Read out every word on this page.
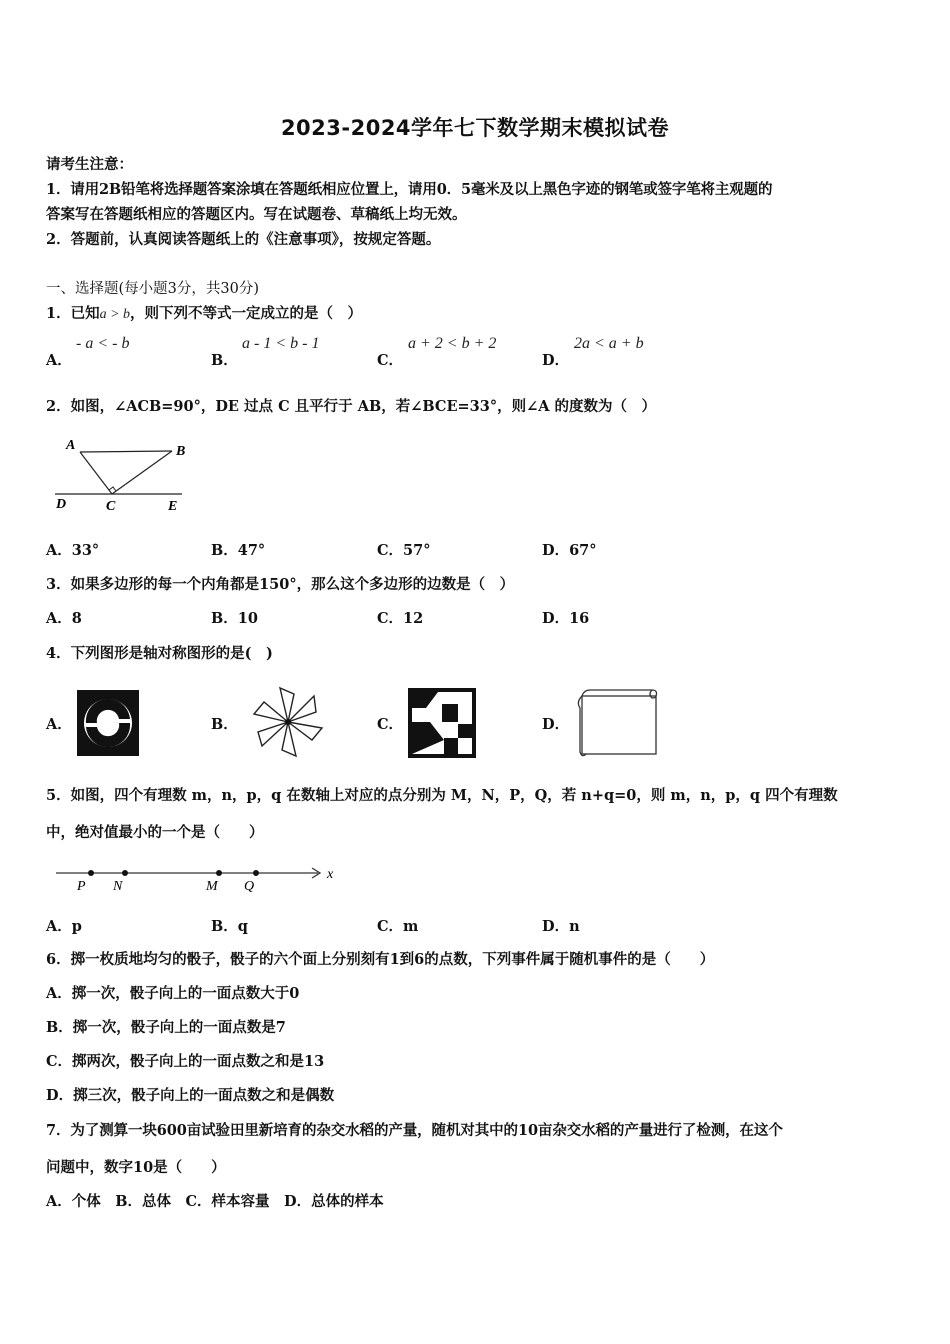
2023-2024学年七下数学期末模拟试卷
请考生注意：
1．请用2B铅笔将选择题答案涂填在答题纸相应位置上，请用0．5毫米及以上黑色字迹的钢笔或签字笔将主观题的
答案写在答题纸相应的答题区内。写在试题卷、草稿纸上均无效。
2．答题前，认真阅读答题纸上的《注意事项》，按规定答题。
一、选择题(每小题3分，共30分)
1．已知a > b，则下列不等式一定成立的是（　）
A．
- a < - b
B．
a - 1 < b - 1
C．
a + 2 < b + 2
D．
2a < a + b
2．如图，∠ACB=90°，DE 过点 C 且平行于 AB，若∠BCE=33°，则∠A 的度数为（　）
A	B
C
D	E
A．33°	B．47°	C．57°	D．67°
3．如果多边形的每一个内角都是150°，那么这个多边形的边数是（　）
A．8	B．10	C．12	D．16
4．下列图形是轴对称图形的是(　)
A．	B．	C．	D．
5．如图，四个有理数 m，n，p，q 在数轴上对应的点分别为 M，N，P，Q，若 n+q=0，则 m，n，p，q 四个有理数
中，绝对值最小的一个是（　　）
P N	M Q
x
A．p	B．q	C．m	D．n
6．掷一枚质地均匀的骰子，骰子的六个面上分别刻有1到6的点数，下列事件属于随机事件的是（　　）
A．掷一次，骰子向上的一面点数大于0
B．掷一次，骰子向上的一面点数是7
C．掷两次，骰子向上的一面点数之和是13
D．掷三次，骰子向上的一面点数之和是偶数
7．为了测算一块600亩试验田里新培育的杂交水稻的产量，随机对其中的10亩杂交水稻的产量进行了检测，在这个
问题中，数字10是（　　）
A．个体　B．总体　C．样本容量　D．总体的样本
